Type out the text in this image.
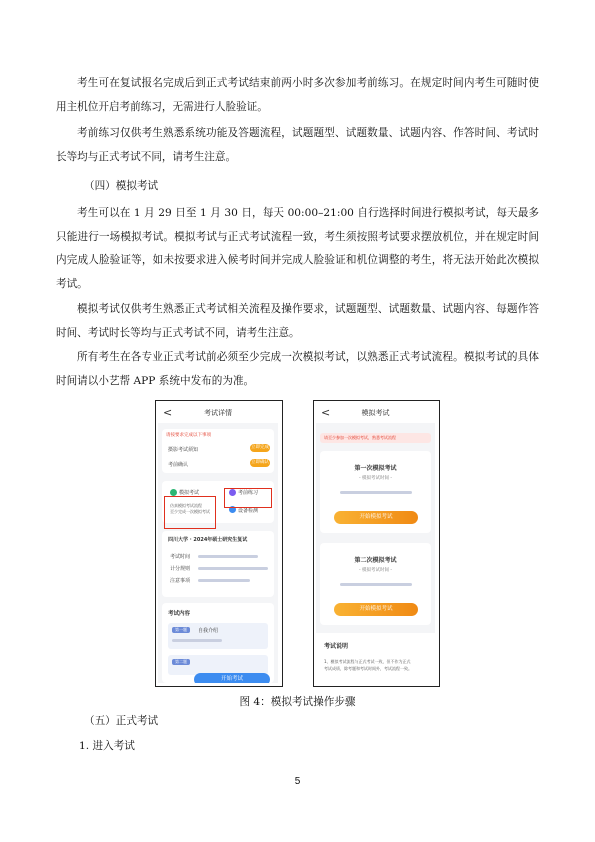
考生可在复试报名完成后到正式考试结束前两小时多次参加考前练习。在规定时间内考生可随时使用主机位开启考前练习，无需进行人脸验证。

考前练习仅供考生熟悉系统功能及答题流程，试题题型、试题数量、试题内容、作答时间、考试时长等均与正式考试不同，请考生注意。

（四）模拟考试

考生可以在 1 月 29 日至 1 月 30 日，每天 00:00–21:00 自行选择时间进行模拟考试，每天最多只能进行一场模拟考试。模拟考试与正式考试流程一致，考生须按照考试要求摆放机位，并在规定时间内完成人脸验证等，如未按要求进入候考时间并完成人脸验证和机位调整的考生，将无法开始此次模拟考试。

模拟考试仅供考生熟悉正式考试相关流程及操作要求，试题题型、试题数量、试题内容、每题作答时间、考试时长等均与正式考试不同，请考生注意。

所有考生在各专业正式考试前必须至少完成一次模拟考试，以熟悉正式考试流程。模拟考试的具体时间请以小艺帮 APP 系统中发布的为准。

<	考试详情
请按要求完成以下事项
摄影考试须知	立即完成
考前确认	立即确认
模拟考试
仿真模拟考试流程
至少完成一次模拟考试
考前练习
设备检测
四川大学 · 2024年硕士研究生复试
考试时间
计分规则
注意事项
考试内容
第一题	自我介绍
第二题
开始考试
<	模拟考试
请至少参加一次模拟考试，熟悉考试流程
第一次模拟考试
- 模拟考试时间 -
开始模拟考试
第二次模拟考试
- 模拟考试时间 -
开始模拟考试
考试说明
1、模拟考试流程与正式考试一致，但不作为正式
考试成绩，除考题和考试时间外，考试流程一致。
图 4：模拟考试操作步骤

（五）正式考试

1. 进入考试

5
